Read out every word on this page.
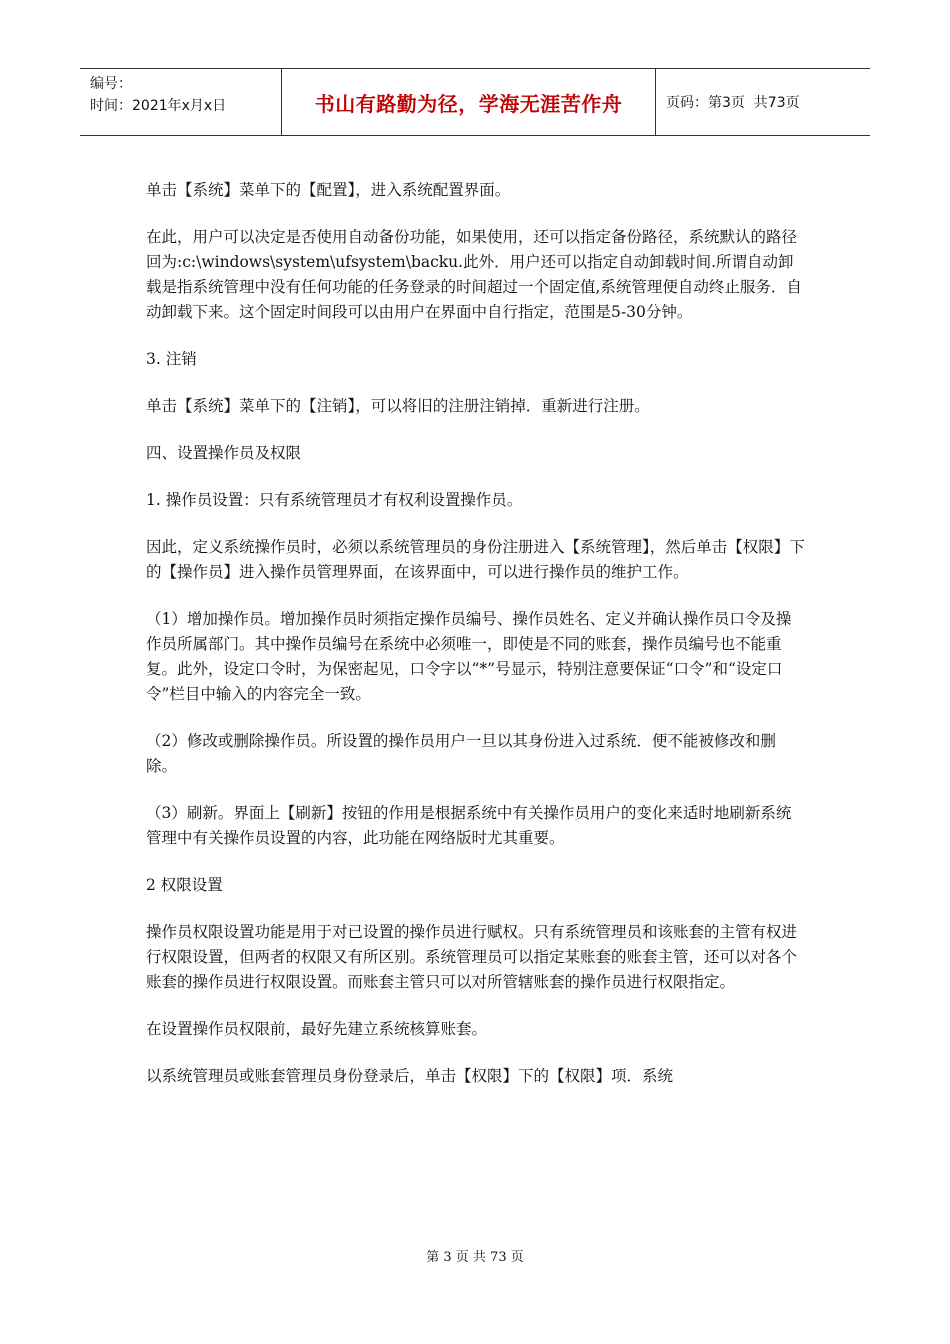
编号：
时间：2021年x月x日	书山有路勤为径，学海无涯苦作舟	页码：第3页  共73页

单击【系统】菜单下的【配置】，进入系统配置界面。

在此，用户可以决定是否使用自动备份功能，如果使用，还可以指定备份路径，系统默认的路径回为:c:\windows\system\ufsystem\backu.此外．用户还可以指定自动卸载时间.所谓自动卸载是指系统管理中没有任何功能的任务登录的时间超过一个固定值,系统管理便自动终止服务．自动卸载下来。这个固定时间段可以由用户在界面中自行指定，范围是5-30分钟。

3. 注销

单击【系统】菜单下的【注销】，可以将旧的注册注销掉．重新进行注册。

四、设置操作员及权限

1. 操作员设置：只有系统管理员才有权利设置操作员。

因此，定义系统操作员时，必须以系统管理员的身份注册进入【系统管理】，然后单击【权限】下的【操作员】进入操作员管理界面，在该界面中，可以进行操作员的维护工作。

（1）增加操作员。增加操作员时须指定操作员编号、操作员姓名、定义并确认操作员口令及操作员所属部门。其中操作员编号在系统中必须唯一，即使是不同的账套，操作员编号也不能重复。此外，设定口令时，为保密起见，口令字以“*”号显示，特别注意要保证“口令”和“设定口令”栏目中输入的内容完全一致。

（2）修改或删除操作员。所设置的操作员用户一旦以其身份进入过系统．便不能被修改和删除。

（3）刷新。界面上【刷新】按钮的作用是根据系统中有关操作员用户的变化来适时地刷新系统管理中有关操作员设置的内容，此功能在网络版时尤其重要。

2 权限设置

操作员权限设置功能是用于对已设置的操作员进行赋权。只有系统管理员和该账套的主管有权进行权限设置，但两者的权限又有所区别。系统管理员可以指定某账套的账套主管，还可以对各个账套的操作员进行权限设置。而账套主管只可以对所管辖账套的操作员进行权限指定。

在设置操作员权限前，最好先建立系统核算账套。

以系统管理员或账套管理员身份登录后，单击【权限】下的【权限】项．系统

第 3 页 共 73 页
